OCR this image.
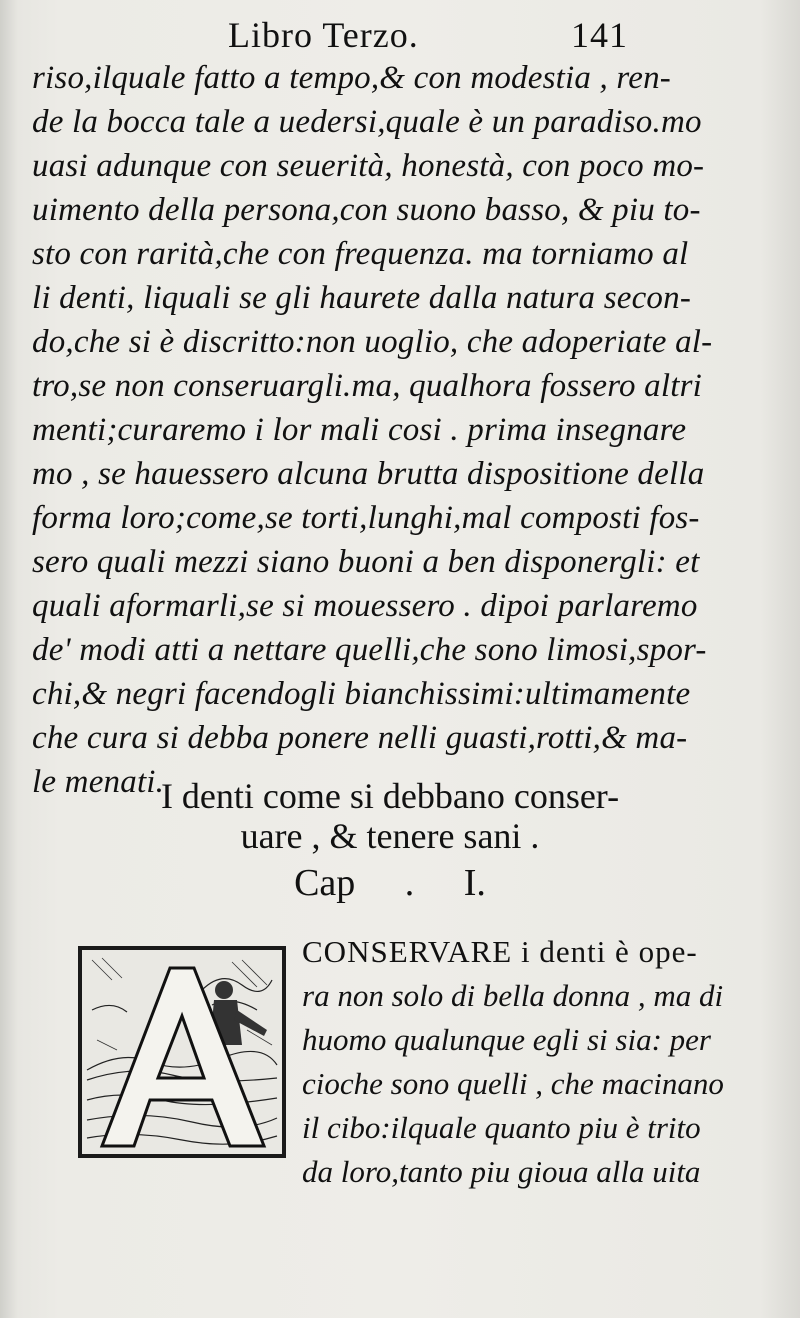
Libro Terzo.	141
riso,ilquale fatto a tempo,& con modestia , ren-
de la bocca tale a uedersi,quale è un paradiso.mo
uasi adunque con seuerità, honestà, con poco mo-
uimento della persona,con suono basso, & piu to-
sto con rarità,che con frequenza. ma torniamo al
li denti, liquali se gli haurete dalla natura secon-
do,che si è discritto:non uoglio, che adoperiate al-
tro,se non conseruargli.ma, qualhora fossero altri
menti;curaremo i lor mali cosi . prima insegnare
mo , se hauessero alcuna brutta dispositione della
forma loro;come,se torti,lunghi,mal composti fos-
sero quali mezzi siano buoni a ben disponergli: et
quali aformarli,se si mouessero . dipoi parlaremo
de' modi atti a nettare quelli,che sono limosi,spor-
chi,& negri facendogli bianchissimi:ultimamente
che cura si debba ponere nelli guasti,rotti,& ma-
le menati.
I denti come si debbano conser-
uare , & tenere sani .
Cap . I.
A
CONSERVARE i denti è ope-
ra non solo di bella donna , ma di
huomo qualunque egli si sia: per
cioche sono quelli , che macinano
il cibo:ilquale quanto piu è trito
da loro,tanto piu gioua alla uita
